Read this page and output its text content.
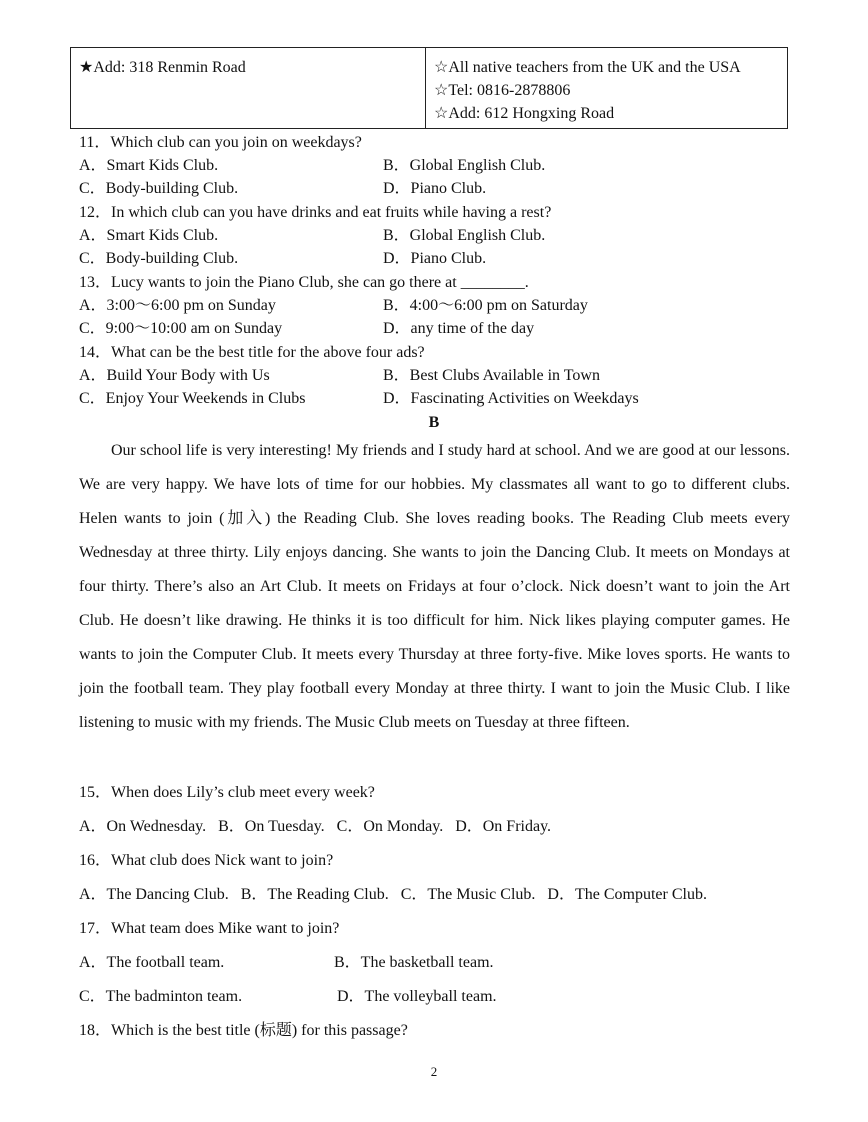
★Add: 318 Renmin Road	☆All native teachers from the UK and the USA
☆Tel: 0816-2878806
☆Add: 612 Hongxing Road
11．Which club can you join on weekdays?
A．Smart Kids Club.	B．Global English Club.
C．Body-building Club.	D．Piano Club.
12．In which club can you have drinks and eat fruits while having a rest?
A．Smart Kids Club.	B．Global English Club.
C．Body-building Club.	D．Piano Club.
13．Lucy wants to join the Piano Club, she can go there at ________.
A．3:00～6:00 pm on Sunday	B．4:00～6:00 pm on Saturday
C．9:00～10:00 am on Sunday	D．any time of the day
14．What can be the best title for the above four ads?
A．Build Your Body with Us	B．Best Clubs Available in Town
C．Enjoy Your Weekends in Clubs	D．Fascinating Activities on Weekdays
B

Our school life is very interesting! My friends and I study hard at school. And we are good at our lessons. We are very happy. We have lots of time for our hobbies. My classmates all want to go to different clubs. Helen wants to join (加入) the Reading Club. She loves reading books. The Reading Club meets every Wednesday at three thirty. Lily enjoys dancing. She wants to join the Dancing Club. It meets on Mondays at four thirty. There’s also an Art Club. It meets on Fridays at four o’clock. Nick doesn’t want to join the Art Club. He doesn’t like drawing. He thinks it is too difficult for him. Nick likes playing computer games. He wants to join the Computer Club. It meets every Thursday at three forty-five. Mike loves sports. He wants to join the football team. They play football every Monday at three thirty. I want to join the Music Club. I like listening to music with my friends. The Music Club meets on Tuesday at three fifteen.

15．When does Lily’s club meet every week?
A．On Wednesday.   B．On Tuesday.   C．On Monday.   D．On Friday.
16．What club does Nick want to join?
A．The Dancing Club.   B．The Reading Club.   C．The Music Club.   D．The Computer Club.
17．What team does Mike want to join?
A．The football team.	B．The basketball team.
C．The badminton team.	D．The volleyball team.
18．Which is the best title (标题) for this passage?
2
